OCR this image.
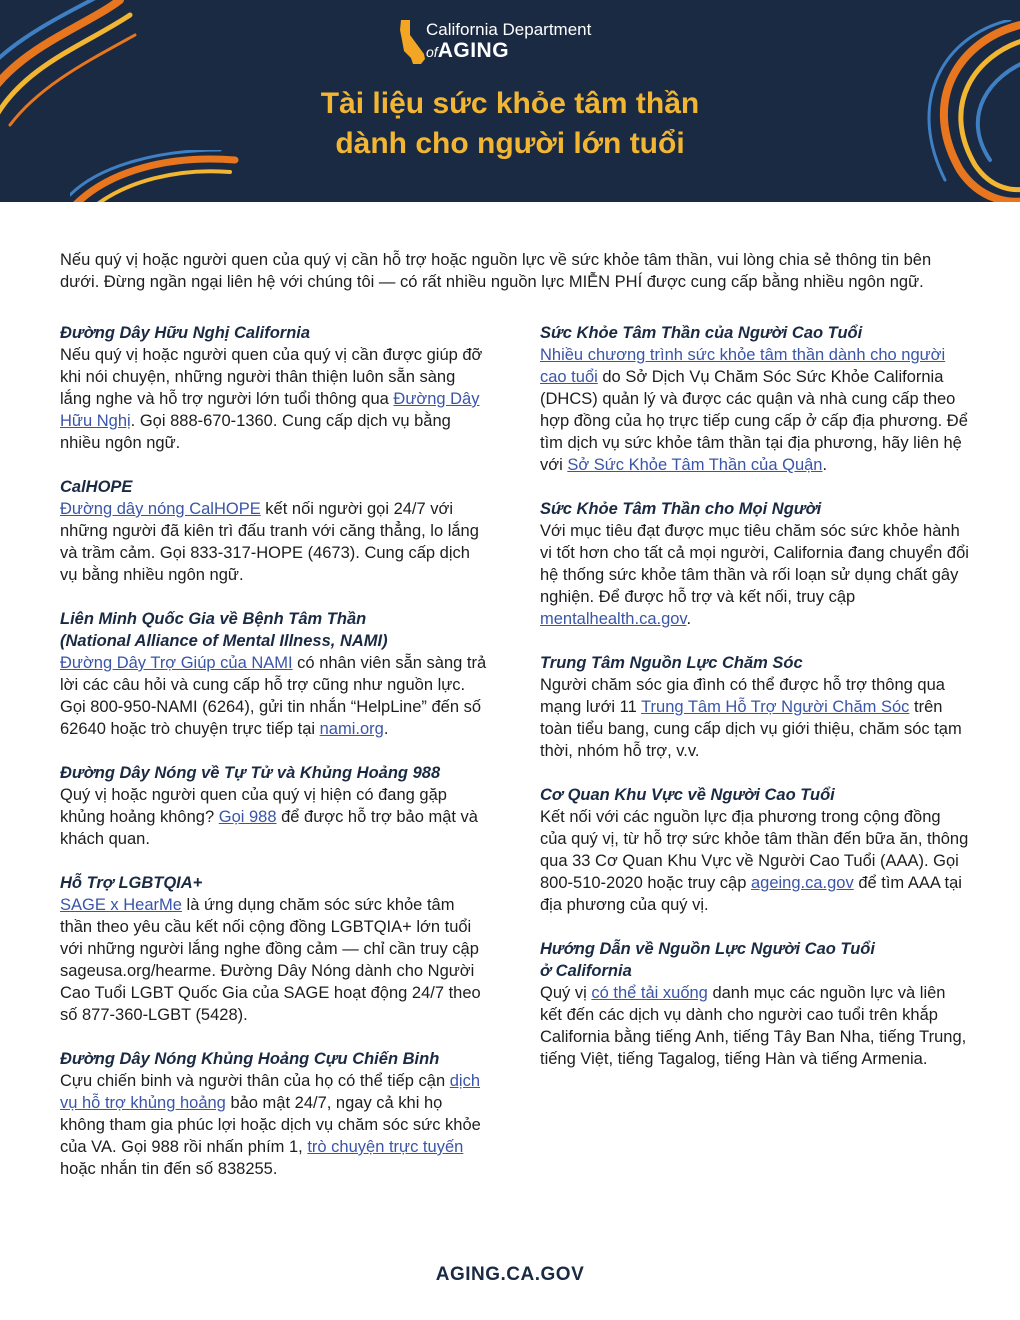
California Department
ofAGING
Tài liệu sức khỏe tâm thần
dành cho người lớn tuổi

Nếu quý vị hoặc người quen của quý vị cần hỗ trợ hoặc nguồn lực về sức khỏe tâm thần, vui lòng chia sẻ thông tin bên dưới. Đừng ngần ngại liên hệ với chúng tôi — có rất nhiều nguồn lực MIỄN PHÍ được cung cấp bằng nhiều ngôn ngữ.

Đường Dây Hữu Nghị California

Nếu quý vị hoặc người quen của quý vị cần được giúp đỡ khi nói chuyện, những người thân thiện luôn sẵn sàng lắng nghe và hỗ trợ người lớn tuổi thông qua Đường Dây Hữu Nghị. Gọi 888-670-1360. Cung cấp dịch vụ bằng nhiều ngôn ngữ.

CalHOPE

Đường dây nóng CalHOPE kết nối người gọi 24/7 với những người đã kiên trì đấu tranh với căng thẳng, lo lắng và trầm cảm. Gọi 833-317-HOPE (4673). Cung cấp dịch vụ bằng nhiều ngôn ngữ.

Liên Minh Quốc Gia về Bệnh Tâm Thần
(National Alliance of Mental Illness, NAMI)

Đường Dây Trợ Giúp của NAMI có nhân viên sẵn sàng trả lời các câu hỏi và cung cấp hỗ trợ cũng như nguồn lực. Gọi 800-950-NAMI (6264), gửi tin nhắn “HelpLine” đến số 62640 hoặc trò chuyện trực tiếp tại nami.org.

Đường Dây Nóng về Tự Tử và Khủng Hoảng 988

Quý vị hoặc người quen của quý vị hiện có đang gặp khủng hoảng không? Gọi 988 để được hỗ trợ bảo mật và khách quan.

Hỗ Trợ LGBTQIA+

SAGE x HearMe là ứng dụng chăm sóc sức khỏe tâm thần theo yêu cầu kết nối cộng đồng LGBTQIA+ lớn tuổi với những người lắng nghe đồng cảm — chỉ cần truy cập sageusa.org/hearme. Đường Dây Nóng dành cho Người Cao Tuổi LGBT Quốc Gia của SAGE hoạt động 24/7 theo số 877-360-LGBT (5428).

Đường Dây Nóng Khủng Hoảng Cựu Chiến Binh

Cựu chiến binh và người thân của họ có thể tiếp cận dịch vụ hỗ trợ khủng hoảng bảo mật 24/7, ngay cả khi họ không tham gia phúc lợi hoặc dịch vụ chăm sóc sức khỏe của VA. Gọi 988 rồi nhấn phím 1, trò chuyện trực tuyến hoặc nhắn tin đến số 838255.

Sức Khỏe Tâm Thần của Người Cao Tuổi

Nhiều chương trình sức khỏe tâm thần dành cho người cao tuổi do Sở Dịch Vụ Chăm Sóc Sức Khỏe California (DHCS) quản lý và được các quận và nhà cung cấp theo hợp đồng của họ trực tiếp cung cấp ở cấp địa phương. Để tìm dịch vụ sức khỏe tâm thần tại địa phương, hãy liên hệ với Sở Sức Khỏe Tâm Thần của Quận.

Sức Khỏe Tâm Thần cho Mọi Người

Với mục tiêu đạt được mục tiêu chăm sóc sức khỏe hành vi tốt hơn cho tất cả mọi người, California đang chuyển đổi hệ thống sức khỏe tâm thần và rối loạn sử dụng chất gây nghiện. Để được hỗ trợ và kết nối, truy cập mentalhealth.ca.gov.

Trung Tâm Nguồn Lực Chăm Sóc

Người chăm sóc gia đình có thể được hỗ trợ thông qua mạng lưới 11 Trung Tâm Hỗ Trợ Người Chăm Sóc trên toàn tiểu bang, cung cấp dịch vụ giới thiệu, chăm sóc tạm thời, nhóm hỗ trợ, v.v.

Cơ Quan Khu Vực về Người Cao Tuổi

Kết nối với các nguồn lực địa phương trong cộng đồng của quý vị, từ hỗ trợ sức khỏe tâm thần đến bữa ăn, thông qua 33 Cơ Quan Khu Vực về Người Cao Tuổi (AAA). Gọi 800-510-2020 hoặc truy cập ageing.ca.gov để tìm AAA tại địa phương của quý vị.

Hướng Dẫn về Nguồn Lực Người Cao Tuổi
ở California

Quý vị có thể tải xuống danh mục các nguồn lực và liên kết đến các dịch vụ dành cho người cao tuổi trên khắp California bằng tiếng Anh, tiếng Tây Ban Nha, tiếng Trung, tiếng Việt, tiếng Tagalog, tiếng Hàn và tiếng Armenia.

AGING.CA.GOV
